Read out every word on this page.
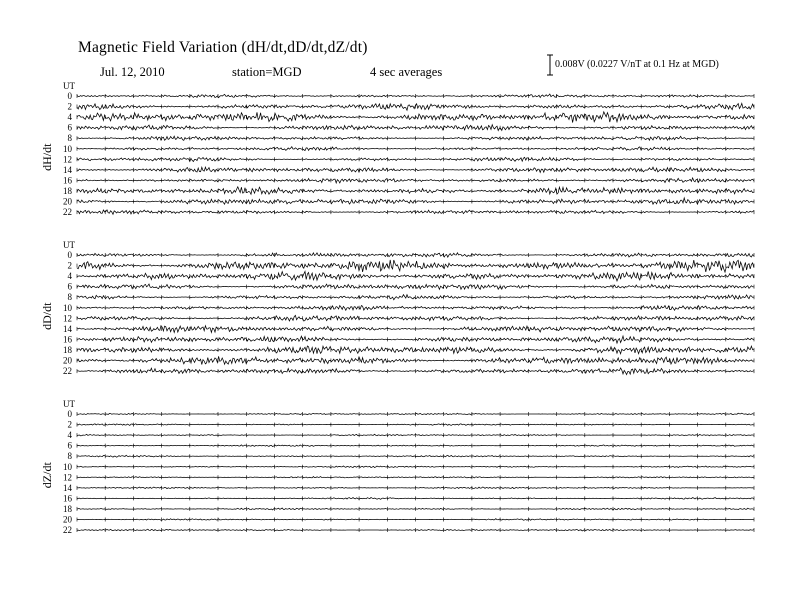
Magnetic Field Variation (dH/dt,dD/dt,dZ/dt)
Jul. 12, 2010	station=MGD	4 sec averages
0.008V (0.0227 V/nT at 0.1 Hz at MGD)
UT
dH/dt
0
2
4
6
8
10
12
14
16
18
20
22
UT
dD/dt
0
2
4
6
8
10
12
14
16
18
20
22
UT
dZ/dt
0
2
4
6
8
10
12
14
16
18
20
22
